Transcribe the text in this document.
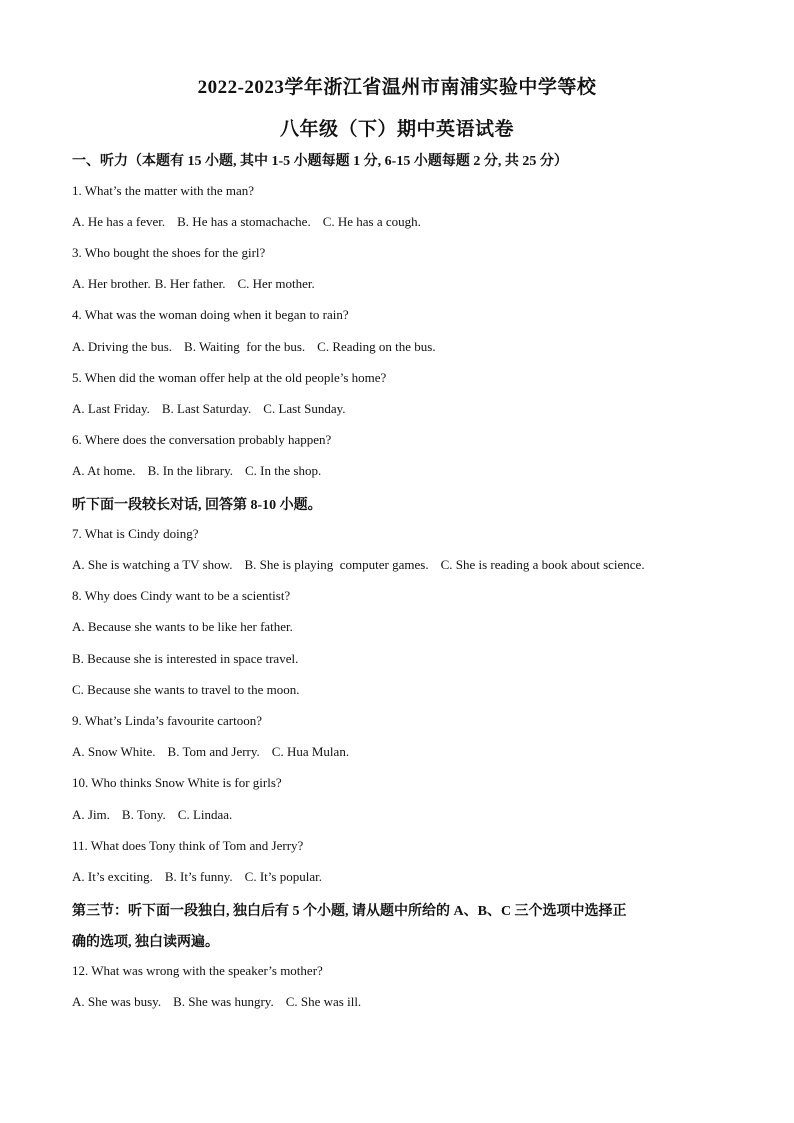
2022-2023学年浙江省温州市南浦实验中学等校
八年级（下）期中英语试卷
一、听力（本题有 15 小题, 其中 1-5 小题每题 1 分, 6-15 小题每题 2 分, 共 25 分）
1. What’s the matter with the man?
A. He has a fever. B. He has a stomachache. C. He has a cough.
3. Who bought the shoes for the girl?
A. Her brother. B. Her father. C. Her mother.
4. What was the woman doing when it began to rain?
A. Driving the bus. B. Waiting  for the bus. C. Reading on the bus.
5. When did the woman offer help at the old people’s home?
A. Last Friday. B. Last Saturday. C. Last Sunday.
6. Where does the conversation probably happen?
A. At home. B. In the library. C. In the shop.
听下面一段较长对话, 回答第 8-10 小题。
7. What is Cindy doing?
A. She is watching a TV show. B. She is playing  computer games. C. She is reading a book about science.
8. Why does Cindy want to be a scientist?
A. Because she wants to be like her father.
B. Because she is interested in space travel.
C. Because she wants to travel to the moon.
9. What’s Linda’s favourite cartoon?
A. Snow White. B. Tom and Jerry. C. Hua Mulan.
10. Who thinks Snow White is for girls?
A. Jim. B. Tony. C. Lindaa.
11. What does Tony think of Tom and Jerry?
A. It’s exciting. B. It’s funny. C. It’s popular.
第三节：听下面一段独白, 独白后有 5 个小题, 请从题中所给的 A、B、C 三个选项中选择正
确的选项, 独白读两遍。
12. What was wrong with the speaker’s mother?
A. She was busy. B. She was hungry. C. She was ill.
